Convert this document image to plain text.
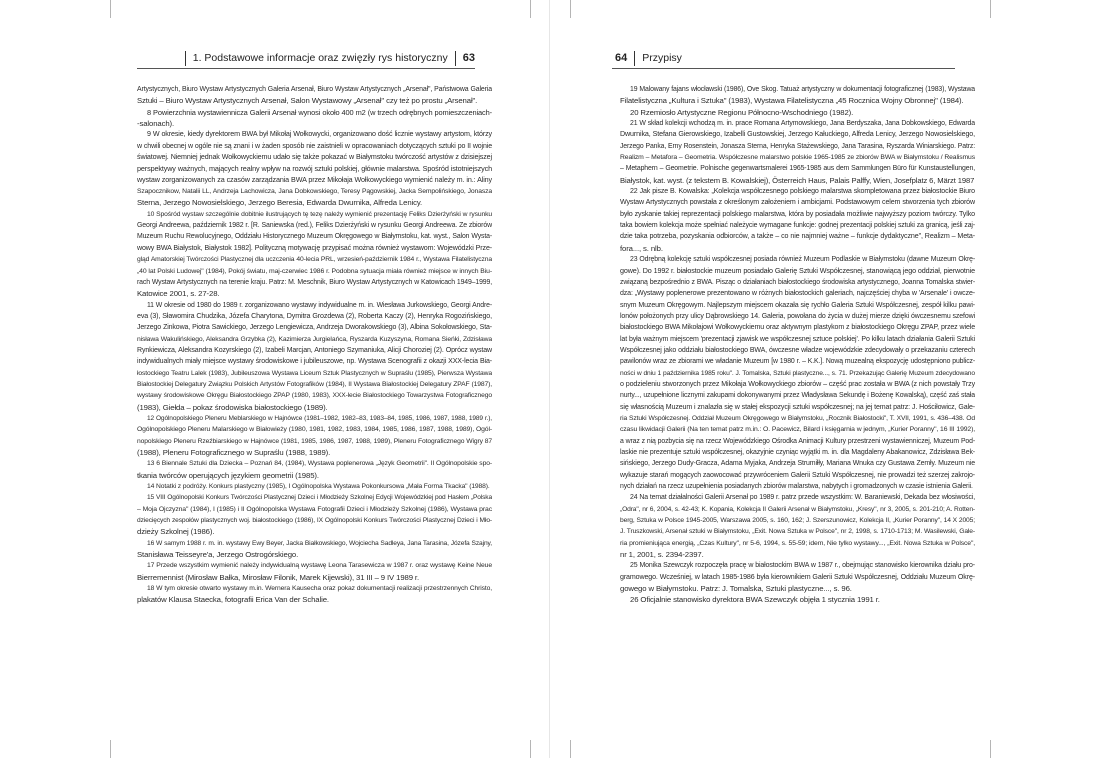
1. Podstawowe informacje oraz zwięzły rys historyczny 63
Artystycznych, Biuro Wystaw Artystycznych Galeria Arsenał, Biuro Wystaw Artystycznych „Arsenał", Państwowa Galeria
Sztuki – Biuro Wystaw Artystycznych Arsenał, Salon Wystawowy „Arsenał" czy też po prostu „Arsenał".
8 Powierzchnia wystawiennicza Galerii Arsenał wynosi około 400 m2 (w trzech odrębnych pomieszczeniach-
-salonach).
9 W okresie, kiedy dyrektorem BWA był Mikołaj Wołkowycki, organizowano dość licznie wystawy artystom, którzy
w chwili obecnej w ogóle nie są znani i w żaden sposób nie zaistnieli w opracowaniach dotyczących sztuki po II wojnie
światowej. Niemniej jednak Wołkowyckiemu udało się także pokazać w Białymstoku twórczość artystów z dzisiejszej
perspektywy ważnych, mających realny wpływ na rozwój sztuki polskiej, głównie malarstwa. Spośród istotniejszych
wystaw zorganizowanych za czasów zarządzania BWA przez Mikołaja Wołkowyckiego wymienić należy m. in.: Aliny
Szapocznikow, Natalii LL, Andrzeja Lachowicza, Jana Dobkowskiego, Teresy Pągowskiej, Jacka Sempolińskiego, Jonasza
Sterna, Jerzego Nowosielskiego, Jerzego Beresia, Edwarda Dwurnika, Alfreda Lenicy.
10 Spośród wystaw szczególnie dobitnie ilustrujących tę tezę należy wymienić prezentację Feliks Dzierżyński w rysunku
Georgi Andreewa, październik 1982 r. [R. Saniewska (red.), Feliks Dzierżyński w rysunku Georgi Andreewa. Ze zbiorów
Muzeum Ruchu Rewolucyjnego, Oddziału Historycznego Muzeum Okręgowego w Białymstoku, kat. wyst., Salon Wysta-
wowy BWA Białystok, Białystok 1982]. Polityczną motywację przypisać można również wystawom: Wojewódzki Prze-
gląd Amatorskiej Twórczości Plastycznej dla uczczenia 40-lecia PRL, wrzesień-październik 1984 r., Wystawa Filatelistyczna
„40 lat Polski Ludowej" (1984), Pokój światu, maj-czerwiec 1986 r. Podobna sytuacja miała również miejsce w innych Biu-
rach Wystaw Artystycznych na terenie kraju. Patrz: M. Meschnik, Biuro Wystaw Artystycznych w Katowicach 1949–1999,
Katowice 2001, s. 27-28.
11 W okresie od 1980 do 1989 r. zorganizowano wystawy indywidualne m. in. Wiesława Jurkowskiego, Georgi Andre-
eva (3), Sławomira Chudzika, Józefa Charytona, Dymitra Grozdewa (2), Roberta Kaczy (2), Henryka Rogozińskiego,
Jerzego Zinkowa, Piotra Sawickiego, Jerzego Lengiewicza, Andrzeja Dworakowskiego (3), Albina Sokołowskiego, Sta-
nisława Wakulińskiego, Aleksandra Grzybka (2), Kazimierza Jurgielańca, Ryszarda Kuzyszyna, Romana Sieńki, Zdzisława
Rynkiewicza, Aleksandra Kozyrskiego (2), Izabeli Marcjan, Antoniego Szymaniuka, Alicji Choroziej (2). Oprócz wystaw
indywidualnych miały miejsce wystawy środowiskowe i jubileuszowe, np. Wystawa Scenografii z okazji XXX-lecia Bia-
łostockiego Teatru Lalek (1983), Jubileuszowa Wystawa Liceum Sztuk Plastycznych w Supraślu (1985), Pierwsza Wystawa
Białostockiej Delegatury Związku Polskich Artystów Fotografików (1984), II Wystawa Białostockiej Delegatury ZPAF (1987),
wystawy środowiskowe Okręgu Białostockiego ZPAP (1980, 1983), XXX-lecie Białostockiego Towarzystwa Fotograficznego
(1983), Giełda – pokaz środowiska białostockiego (1989).
12 Ogólnopolskiego Pleneru Meblarskiego w Hajnówce (1981–1982, 1982–83, 1983–84, 1985, 1986, 1987, 1988, 1989 r.),
Ogólnopolskiego Pleneru Malarskiego w Białowieży (1980, 1981, 1982, 1983, 1984, 1985, 1986, 1987, 1988, 1989), Ogól-
nopolskiego Pleneru Rzeźbiarskiego w Hajnówce (1981, 1985, 1986, 1987, 1988, 1989), Pleneru Fotograficznego Wigry 87
(1988), Pleneru Fotograficznego w Supraślu (1988, 1989).
13 6 Biennale Sztuki dla Dziecka – Poznań 84, (1984), Wystawa poplenerowa „Język Geometrii". II Ogólnopolskie spo-
tkania twórców operujących językiem geometrii (1985).
14 Notatki z podróży. Konkurs plastyczny (1985), I Ogólnopolska Wystawa Pokonkursowa „Mała Forma Tkacka" (1988).
15 VIII Ogólnopolski Konkurs Twórczości Plastycznej Dzieci i Młodzieży Szkolnej Edycji Wojewódzkiej pod Hasłem „Polska
– Moja Ojczyzna" (1984), I (1985) i II Ogólnopolska Wystawa Fotografii Dzieci i Młodzieży Szkolnej (1986), Wystawa prac
dziecięcych zespołów plastycznych woj. białostockiego (1986), IX Ogólnopolski Konkurs Twórczości Plastycznej Dzieci i Mło-
dzieży Szkolnej (1986).
16 W samym 1988 r. m. in. wystawy Ewy Beyer, Jacka Białkowskiego, Wojciecha Sadleya, Jana Tarasina, Józefa Szajny,
Stanisława Teisseyre'a, Jerzego Ostrogórskiego.
17 Przede wszystkim wymienić należy indywidualną wystawę Leona Tarasewicza w 1987 r. oraz wystawę Keine Neue
Bierremennist (Mirosław Bałka, Mirosław Filonik, Marek Kijewski), 31 III – 9 IV 1989 r.
18 W tym okresie otwarto wystawy m.in. Wernera Kausecha oraz pokaz dokumentacji realizacji przestrzennych Christo,
plakatów Klausa Staecka, fotografii Erica Van der Schalie.
64 Przypisy
19 Malowany fajans włocławski (1986), Ove Skog. Tatuaż artystyczny w dokumentacji fotograficznej (1983), Wystawa
Filatelistyczna „Kultura i Sztuka" (1983), Wystawa Filatelistyczna „45 Rocznica Wojny Obronnej" (1984).
20 Rzemiosło Artystyczne Regionu Północno-Wschodniego (1982).
21 W skład kolekcji wchodzą m. in. prace Romana Artymowskiego, Jana Berdyszaka, Jana Dobkowskiego, Edwarda
Dwurnika, Stefana Gierowskiego, Izabelli Gustowskiej, Jerzego Kałuckiego, Alfreda Lenicy, Jerzego Nowosielskiego,
Jerzego Panka, Erny Rosenstein, Jonasza Sterna, Henryka Stażewskiego, Jana Tarasina, Ryszarda Winiarskiego. Patrz:
Realizm – Metafora – Geometria. Współczesne malarstwo polskie 1965-1985 ze zbiorów BWA w Białymstoku / Realismus
– Metaphern – Geometrie. Polnische gegenwartsmalerei 1965-1985 aus dem Sammlungen Büro für Kunstaustellungen,
Białystok, kat. wyst. (z tekstem B. Kowalskiej), Österreich Haus, Palais Palffy, Wien, Josefplatz 6, Märzt 1987
22 Jak pisze B. Kowalska: „Kolekcja współczesnego polskiego malarstwa skompletowana przez białostockie Biuro
Wystaw Artystycznych powstała z określonym założeniem i ambicjami. Podstawowym celem stworzenia tych zbiorów
było zyskanie takiej reprezentacji polskiego malarstwa, która by posiadała możliwie najwyższy poziom twórczy. Tylko
taka bowiem kolekcja może spełniać należycie wymagane funkcje: godnej prezentacji polskiej sztuki za granicą, jeśli zaj-
dzie taka potrzeba, pozyskania odbiorców, a także – co nie najmniej ważne – funkcje dydaktyczne", Realizm – Meta-
fora..., s. nlb.
23 Odrębną kolekcję sztuki współczesnej posiada również Muzeum Podlaskie w Białymstoku (dawne Muzeum Okrę-
gowe). Do 1992 r. białostockie muzeum posiadało Galerię Sztuki Współczesnej, stanowiącą jego oddział, pierwotnie
związaną bezpośrednio z BWA. Pisząc o działaniach białostockiego środowiska artystycznego, Joanna Tomalska stwier-
dza: „Wystawy poplenerowe prezentowano w różnych białostockich galeriach, najczęściej chyba w 'Arsenale' i owcze-
snym Muzeum Okręgowym. Najlepszym miejscem okazała się rychło Galeria Sztuki Współczesnej, zespół kilku pawi-
lonów położonych przy ulicy Dąbrowskiego 14. Galeria, powołana do życia w dużej mierze dzięki ówczesnemu szefowi
białostockiego BWA Mikołajowi Wołkowyckiemu oraz aktywnym plastykom z białostockiego Okręgu ZPAP, przez wiele
lat była ważnym miejscem 'prezentacji zjawisk we współczesnej sztuce polskiej'. Po kilku latach działania Galerii Sztuki
Współczesnej jako oddziału białostockiego BWA, ówczesne władze wojewódzkie zdecydowały o przekazaniu czterech
pawilonów wraz ze zbiorami we władanie Muzeum [w 1980 r. – K.K.]. Nową muzealną ekspozycję udostępniono publicz-
ności w dniu 1 października 1985 roku". J. Tomalska, Sztuki plastyczne..., s. 71. Przekazując Galerię Muzeum zdecydowano
o podzieleniu stworzonych przez Mikołaja Wołkowyckiego zbiorów – część prac została w BWA (z nich powstały Trzy
nurty..., uzupełnione licznymi zakupami dokonywanymi przez Władysława Sekundę i Bożenę Kowalską), część zaś stała
się własnością Muzeum i znalazła się w stałej ekspozycji sztuki współczesnej; na jej temat patrz: J. Hościłowicz, Gale-
ria Sztuki Współczesnej. Oddział Muzeum Okręgowego w Białymstoku, „Rocznik Białostocki", T. XVII, 1991, s. 436–438. Od
czasu likwidacji Galerii (Na ten temat patrz m.in.: O. Pacewicz, Bilard i księgarnia w jednym, „Kurier Poranny", 16 III 1992),
a wraz z nią pozbycia się na rzecz Wojewódzkiego Ośrodka Animacji Kultury przestrzeni wystawienniczej, Muzeum Pod-
laskie nie prezentuje sztuki współczesnej, okazyjnie czyniąc wyjątki m. in. dla Magdaleny Abakanowicz, Zdzisława Bek-
sińskiego, Jerzego Dudy-Gracza, Adama Myjaka, Andrzeja Strumiłły, Mariana Wnuka czy Gustawa Zemły. Muzeum nie
wykazuje starań mogących zaowocować przywróceniem Galerii Sztuki Współczesnej, nie prowadzi też szerzej zakrojo-
nych działań na rzecz uzupełnienia posiadanych zbiorów malarstwa, nabytych i gromadzonych w czasie istnienia Galerii.
24 Na temat działalności Galerii Arsenał po 1989 r. patrz przede wszystkim: W. Baraniewski, Dekada bez włosiwości,
„Odra", nr 6, 2004, s. 42-43; K. Kopania, Kolekcja II Galerii Arsenał w Białymstoku, „Kresy", nr 3, 2005, s. 201-210; A. Rotten-
berg, Sztuka w Polsce 1945-2005, Warszawa 2005, s. 160, 162; J. Szerszunowicz, Kolekcja II, „Kurier Poranny", 14 X 2005;
J. Truszkowski, Arsenał sztuki w Białymstoku, „Exit. Nowa Sztuka w Polsce", nr 2, 1998, s. 1710-1713; M. Wasilewski, Gale-
ria promieniująca energią, „Czas Kultury", nr 5-6, 1994, s. 55-59; idem, Nie tylko wystawy..., „Exit. Nowa Sztuka w Polsce",
nr 1, 2001, s. 2394-2397.
25 Monika Szewczyk rozpoczęła pracę w białostockim BWA w 1987 r., obejmując stanowisko kierownika działu pro-
gramowego. Wcześniej, w latach 1985-1986 była kierownikiem Galerii Sztuki Współczesnej, Oddziału Muzeum Okrę-
gowego w Białymstoku. Patrz: J. Tomalska, Sztuki plastyczne..., s. 96.
26 Oficjalnie stanowisko dyrektora BWA Szewczyk objęła 1 stycznia 1991 r.
